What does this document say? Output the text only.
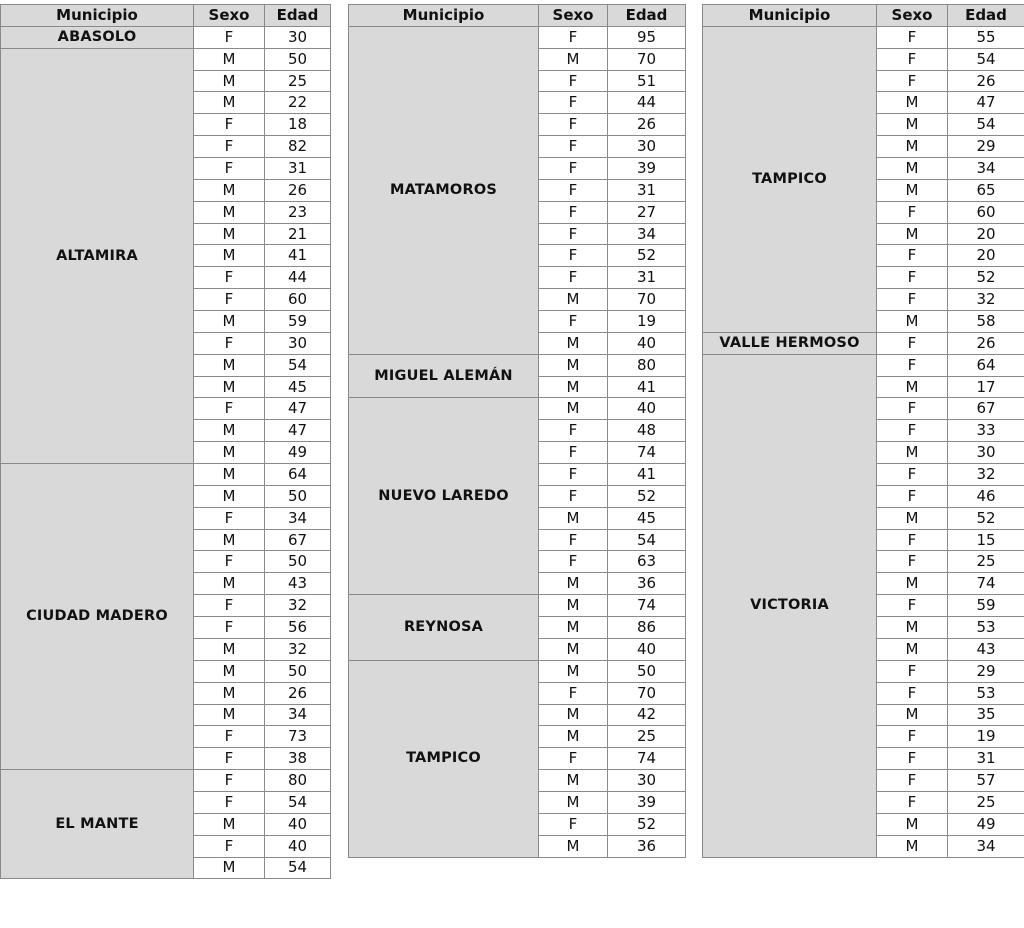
Municipio	Sexo	Edad
ABASOLO	F	30
ALTAMIRA	M	50
	M	25
	M	22
	F	18
	F	82
	F	31
	M	26
	M	23
	M	21
	M	41
	F	44
	F	60
	M	59
	F	30
	M	54
	M	45
	F	47
	M	47
	M	49
CIUDAD MADERO	M	64
	M	50
	F	34
	M	67
	F	50
	M	43
	F	32
	F	56
	M	32
	M	50
	M	26
	M	34
	F	73
	F	38
EL MANTE	F	80
	F	54
	M	40
	F	40
	M	54
Municipio	Sexo	Edad
MATAMOROS	F	95
	M	70
	F	51
	F	44
	F	26
	F	30
	F	39
	F	31
	F	27
	F	34
	F	52
	F	31
	M	70
	F	19
	M	40
MIGUEL ALEMÁN	M	80
	M	41
NUEVO LAREDO	M	40
	F	48
	F	74
	F	41
	F	52
	M	45
	F	54
	F	63
	M	36
REYNOSA	M	74
	M	86
	M	40
TAMPICO	M	50
	F	70
	M	42
	M	25
	F	74
	M	30
	M	39
	F	52
	M	36
Municipio	Sexo	Edad
TAMPICO	F	55
	F	54
	F	26
	M	47
	M	54
	M	29
	M	34
	M	65
	F	60
	M	20
	F	20
	F	52
	F	32
	M	58
VALLE HERMOSO	F	26
VICTORIA	F	64
	M	17
	F	67
	F	33
	M	30
	F	32
	F	46
	M	52
	F	15
	F	25
	M	74
	F	59
	M	53
	M	43
	F	29
	F	53
	M	35
	F	19
	F	31
	F	57
	F	25
	M	49
	M	34
